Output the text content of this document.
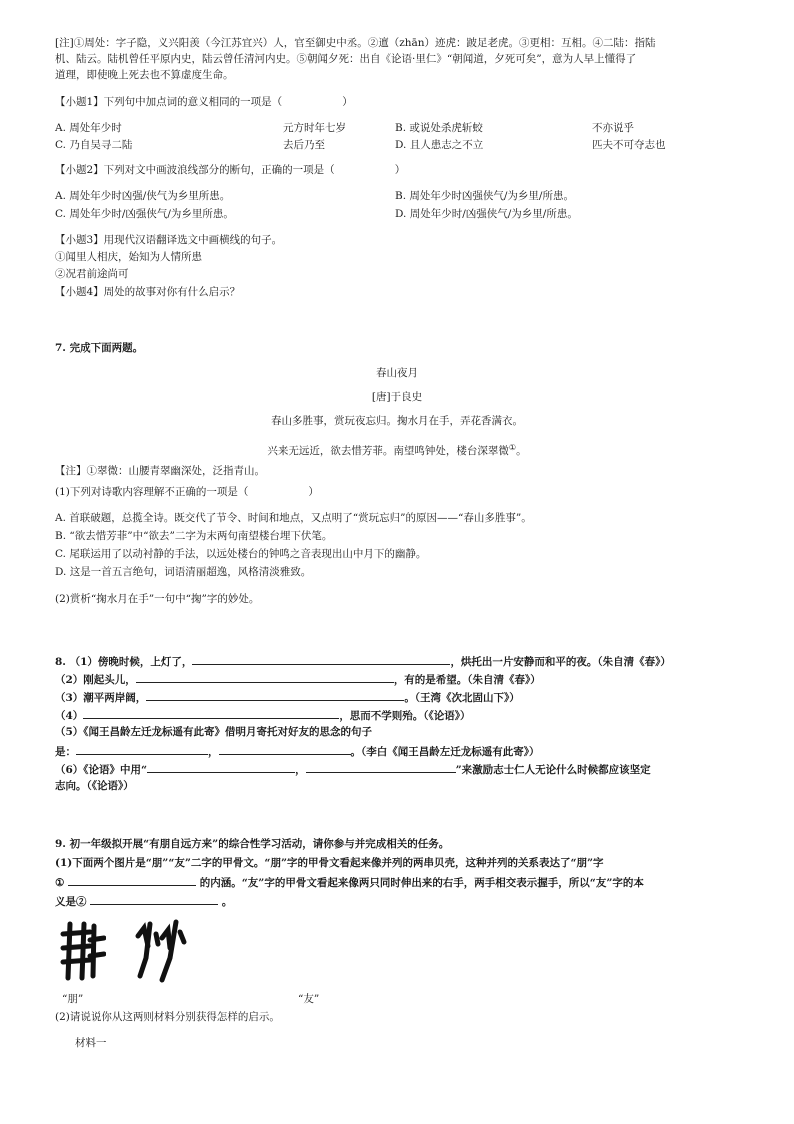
[注]①周处：字子隐，义兴阳羡（今江苏宜兴）人，官至御史中丞。②邅（zhān）迹虎：跛足老虎。③更相：互相。④二陆：指陆
机、陆云。陆机曾任平原内史，陆云曾任清河内史。⑤朝闻夕死：出自《论语·里仁》“朝闻道，夕死可矣”，意为人早上懂得了
道理，即使晚上死去也不算虚度生命。
【小题1】下列句中加点词的意义相同的一项是（	）
A. 周处年少时	元方时年七岁	B. 或说处杀虎斩蛟	不亦说乎
C. 乃自吴寻二陆	去后乃至	D. 且人患志之不立	匹夫不可夺志也
【小题2】下列对文中画波浪线部分的断句，正确的一项是（	）
A. 周处年少时凶强/侠气为乡里所患。	B. 周处年少时凶强侠气/为乡里/所患。
C. 周处年少时/凶强侠气/为乡里所患。	D. 周处年少时/凶强侠气/为乡里/所患。
【小题3】用现代汉语翻译选文中画横线的句子。
①闻里人相庆，始知为人情所患
②况君前途尚可
【小题4】周处的故事对你有什么启示？
7. 完成下面两题。
春山夜月
[唐]于良史
春山多胜事，赏玩夜忘归。掬水月在手，弄花香满衣。
兴来无远近，欲去惜芳菲。南望鸣钟处，楼台深翠微①。
【注】①翠微：山腰青翠幽深处，泛指青山。
(1)下列对诗歌内容理解不正确的一项是（	）
A. 首联破题，总揽全诗。既交代了节令、时间和地点，又点明了“赏玩忘归”的原因——“春山多胜事”。
B. “欲去惜芳菲”中“欲去”二字为末两句南望楼台埋下伏笔。
C. 尾联运用了以动衬静的手法，以远处楼台的钟鸣之音表现出山中月下的幽静。
D. 这是一首五言绝句，词语清丽超逸，风格清淡雅致。
(2)赏析“掬水月在手”一句中“掬”字的妙处。
8. （1）傍晚时候，上灯了，	，烘托出一片安静而和平的夜。（朱自清《春》）
（2）刚起头儿，	，有的是希望。（朱自清《春》）
（3）潮平两岸阔，	。（王湾《次北固山下》）
（4）	，思而不学则殆。（《论语》）
（5）《闻王昌龄左迁龙标遥有此寄》借明月寄托对好友的思念的句子
是：	，	。（李白《闻王昌龄左迁龙标遥有此寄》）
（6）《论语》中用“	，	”来激励志士仁人无论什么时候都应该坚定
志向。（《论语》）
9. 初一年级拟开展“有朋自远方来”的综合性学习活动，请你参与并完成相关的任务。
(1)下面两个图片是“朋”“友”二字的甲骨文。“朋”字的甲骨文看起来像并列的两串贝壳，这种并列的关系表达了“朋”字
①	的内涵。“友”字的甲骨文看起来像两只同时伸出来的右手，两手相交表示握手，所以“友”字的本
义是②	。
“朋”	“友”
(2)请说说你从这两则材料分别获得怎样的启示。
材料一
